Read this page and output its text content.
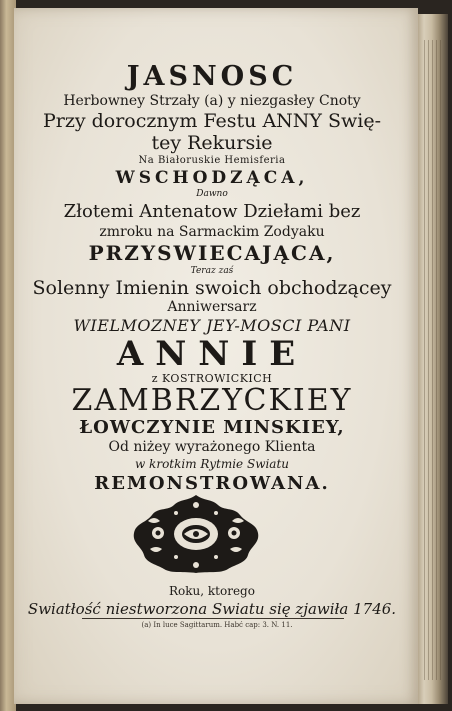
JASNOSC
Herbowney Strzały (a) y niezgasłey Cnoty
Przy dorocznym Festu ANNY Swię-
tey Rekursie
Na Białoruskie Hemisferia
WSCHODZĄCA,
Dawno
Złotemi Antenatow Dziełami bez
zmroku na Sarmackim Zodyaku
PRZYSWIECAJĄCA,
Teraz zaś
Solenny Imienin swoich obchodzącey
Anniwersarz
WIELMOZNEY JEY-MOSCI PANI
ANNIE
z KOSTROWICKICH
ZAMBRZYCKIEY
ŁOWCZYNIE MINSKIEY,
Od niżey wyrażonego Klienta
w krotkim Rytmie Swiatu
REMONSTROWANA.
Roku, ktorego
Swiatłość niestworzona Swiatu się zjawiła 1746.
(a) In luce Sagittarum. Habć cap: 3. N. 11.
